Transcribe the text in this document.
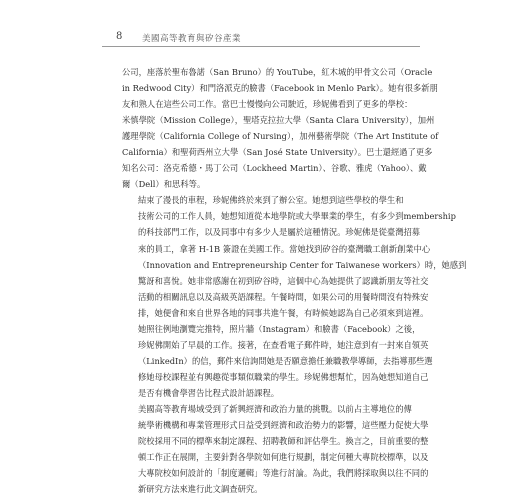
8 美國高等教育與矽谷產業

公司，座落於聖布魯諾（San Bruno）的 YouTube，紅木城的甲骨文公司（Oracle
in Redwood City）和門洛派克的臉書（Facebook in Menlo Park）。她有很多新朋
友和熟人在這些公司工作。當巴士慢慢向公司駛近，珍妮佛看到了更多的學校：
米慎學院（Mission College），聖塔克拉拉大學（Santa Clara University），加州
護理學院（California College of Nursing），加州藝術學院（The Art Institute of
California）和聖荷西州立大學（San José State University）。巴士還經過了更多
知名公司：洛克希德・馬丁公司（Lockheed Martin）、谷歌、雅虎（Yahoo）、戴
爾（Dell）和思科等。

結束了漫長的車程，珍妮佛終於來到了辦公室。她想到這些學校的學生和
技術公司的工作人員，她想知道從本地學院或大學畢業的學生，有多少到membership
的科技部門工作，以及同事中有多少人是屬於這種情況。珍妮佛是從臺灣招募
來的員工，拿著 H-1B 簽證在美國工作。當她找到矽谷的臺灣職工創新創業中心
（Innovation and Entrepreneurship Center for Taiwanese workers）時，她感到
驚訝和喜悅。她非常感謝在初到矽谷時，這個中心為她提供了認識新朋友等社交
活動的相關訊息以及高級英語課程。午餐時間，如果公司的用餐時間沒有特殊安
排，她便會和來自世界各地的同事共進午餐，有時候她認為自己必須來到這裡。

她照往例地瀏覽完推特，照片牆（Instagram）和臉書（Facebook）之後，
珍妮佛開始了早晨的工作。接著，在查看電子郵件時，她注意到有一封來自領英
（LinkedIn）的信，郵件來信詢問她是否願意擔任兼職教學導師，去指導那些選
修她母校課程並有興趣從事類似職業的學生。珍妮佛想幫忙，因為她想知道自己
是否有機會學習告比程式設計語課程。

美國高等教育場域受到了新興經濟和政治力量的挑戰。以前占主導地位的傳
統學術機構和專業管理形式日益受到經濟和政治勢力的影響，這些壓力促使大學
院校採用不同的標準來制定課程、招聘教師和評估學生。換言之，目前重要的整
頓工作正在展開，主要針對各學院如何進行規劃，制定何種大專院校標準，以及
大專院校如何設計的「制度邏輯」等進行討論。為此，我們將採取與以往不同的
新研究方法來進行此文調查研究。
